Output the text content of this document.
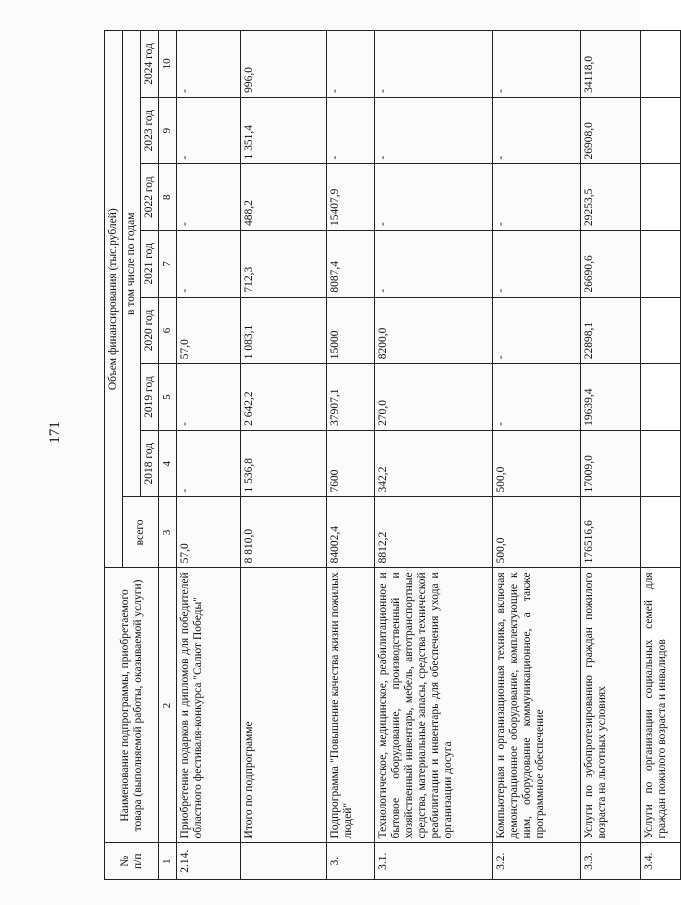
171
№
п/п	Наименование подпрограммы, приобретаемого товара (выполняемой работы, оказываемой услуги)	Объем финансирования (тыс.рублей)							
		всего	в том числе по годам						
			2018 год	2019 год	2020 год	2021 год	2022 год	2023 год	2024 год
1	2	3	4	5	6	7	8	9	10
2.14.	Приобретение подарков и дипломов для победителей областного фестиваля-конкурса "Салют Победы"	57,0	-	-	57,0	-	-	-	-
	Итого по подпрограмме	8 810,0	1 536,8	2 642,2	1 083,1	712,3	488,2	1 351,4	996,0
3.	Подпрограмма "Повышение качества жизни пожилых людей"	84002,4	7600	37907,1	15000	8087,4	15407,9	-	-
3.1.	Технологическое, медицинское, реабилитационное и бытовое оборудование, производственный и хозяйственный инвентарь, мебель, автотранспортные средства, материальные запасы, средства технической реабилитации и инвентарь для обеспечения ухода и организации досуга	8812,2	342,2	270,0	8200,0	-	-	-	-
3.2.	Компьютерная и организационная техника, включая демонстрационное оборудование, комплектующие к ним, оборудование коммуникационное, а также программное обеспечение	500,0	500,0	-	-	-	-	-	-
3.3.	Услуги по зубопротезированию граждан пожилого возраста на льготных условиях	176516,6	17009,0	19639,4	22898,1	26690,6	29253,5	26908,0	34118,0
3.4.	Услуги по организации социальных семей для граждан пожилого возраста и инвалидов								
